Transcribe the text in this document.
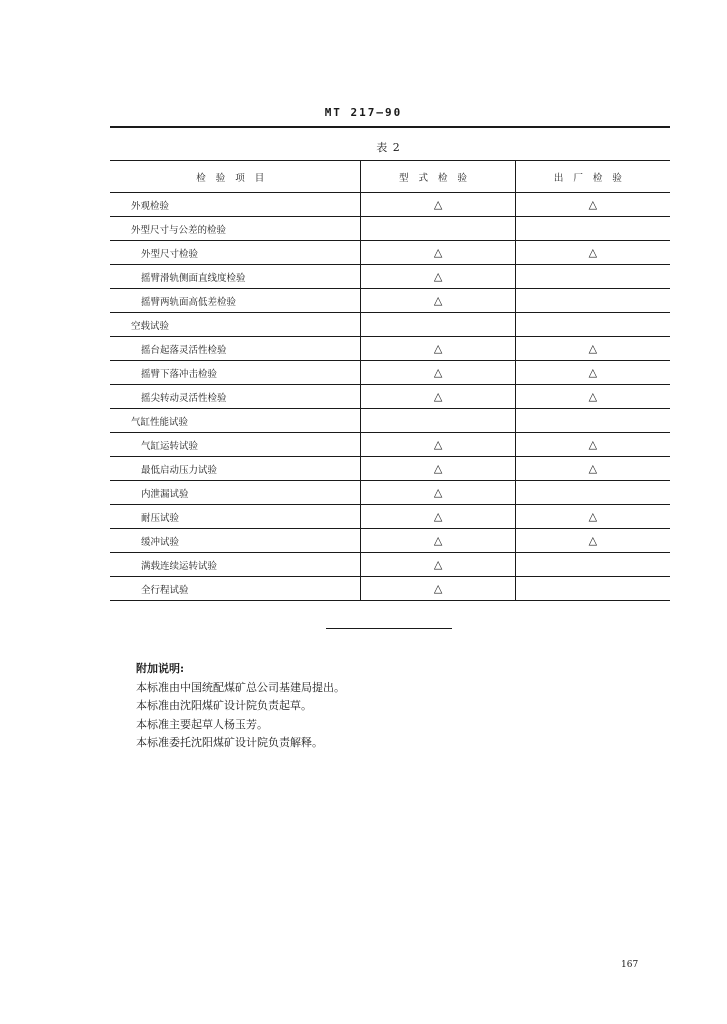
MT 217—90
表 2
检验项目	型式检验	出厂检验
外观检验	△	△
外型尺寸与公差的检验		
外型尺寸检验	△	△
摇臂滑轨侧面直线度检验	△	
摇臂两轨面高低差检验	△	
空载试验		
摇台起落灵活性检验	△	△
摇臂下落冲击检验	△	△
摇尖转动灵活性检验	△	△
气缸性能试验		
气缸运转试验	△	△
最低启动压力试验	△	△
内泄漏试验	△	
耐压试验	△	△
缓冲试验	△	△
满载连续运转试验	△	
全行程试验	△	
附加说明:
本标准由中国统配煤矿总公司基建局提出。
本标准由沈阳煤矿设计院负责起草。
本标准主要起草人杨玉芳。
本标准委托沈阳煤矿设计院负责解释。
167
